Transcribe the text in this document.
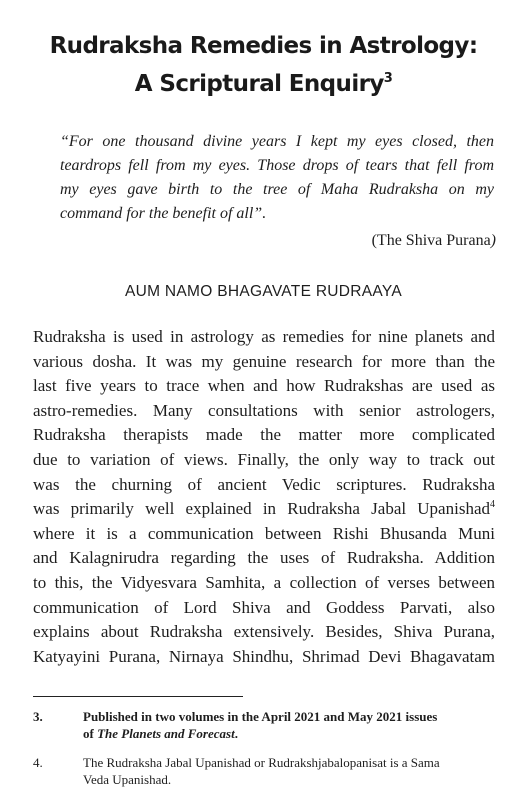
Rudraksha Remedies in Astrology:
A Scriptural Enquiry$^3$
“For one thousand divine years I kept my eyes closed, then
teardrops fell from my eyes. Those drops of tears that fell from
my eyes gave birth to the tree of Maha Rudraksha on my
command for the benefit of all”.
(The Shiva Purana)
AUM NAMO BHAGAVATE RUDRAAYA
Rudraksha is used in astrology as remedies for nine planets and
various dosha. It was my genuine research for more than the
last five years to trace when and how Rudrakshas are used as
astro-remedies. Many consultations with senior astrologers,
Rudraksha therapists made the matter more complicated
due to variation of views. Finally, the only way to track out
was the churning of ancient Vedic scriptures. Rudraksha
was primarily well explained in Rudraksha Jabal Upanishad$^4$
where it is a communication between Rishi Bhusanda Muni
and Kalagnirudra regarding the uses of Rudraksha. Addition
to this, the Vidyesvara Samhita, a collection of verses between
communication of Lord Shiva and Goddess Parvati, also
explains about Rudraksha extensively. Besides, Shiva Purana,
Katyayini Purana, Nirnaya Shindhu, Shrimad Devi Bhagavatam
3.	Published in two volumes in the April 2021 and May 2021 issues
of The Planets and Forecast.
4.	The Rudraksha Jabal Upanishad or Rudrakshjabalopanisat is a Sama
Veda Upanishad.
